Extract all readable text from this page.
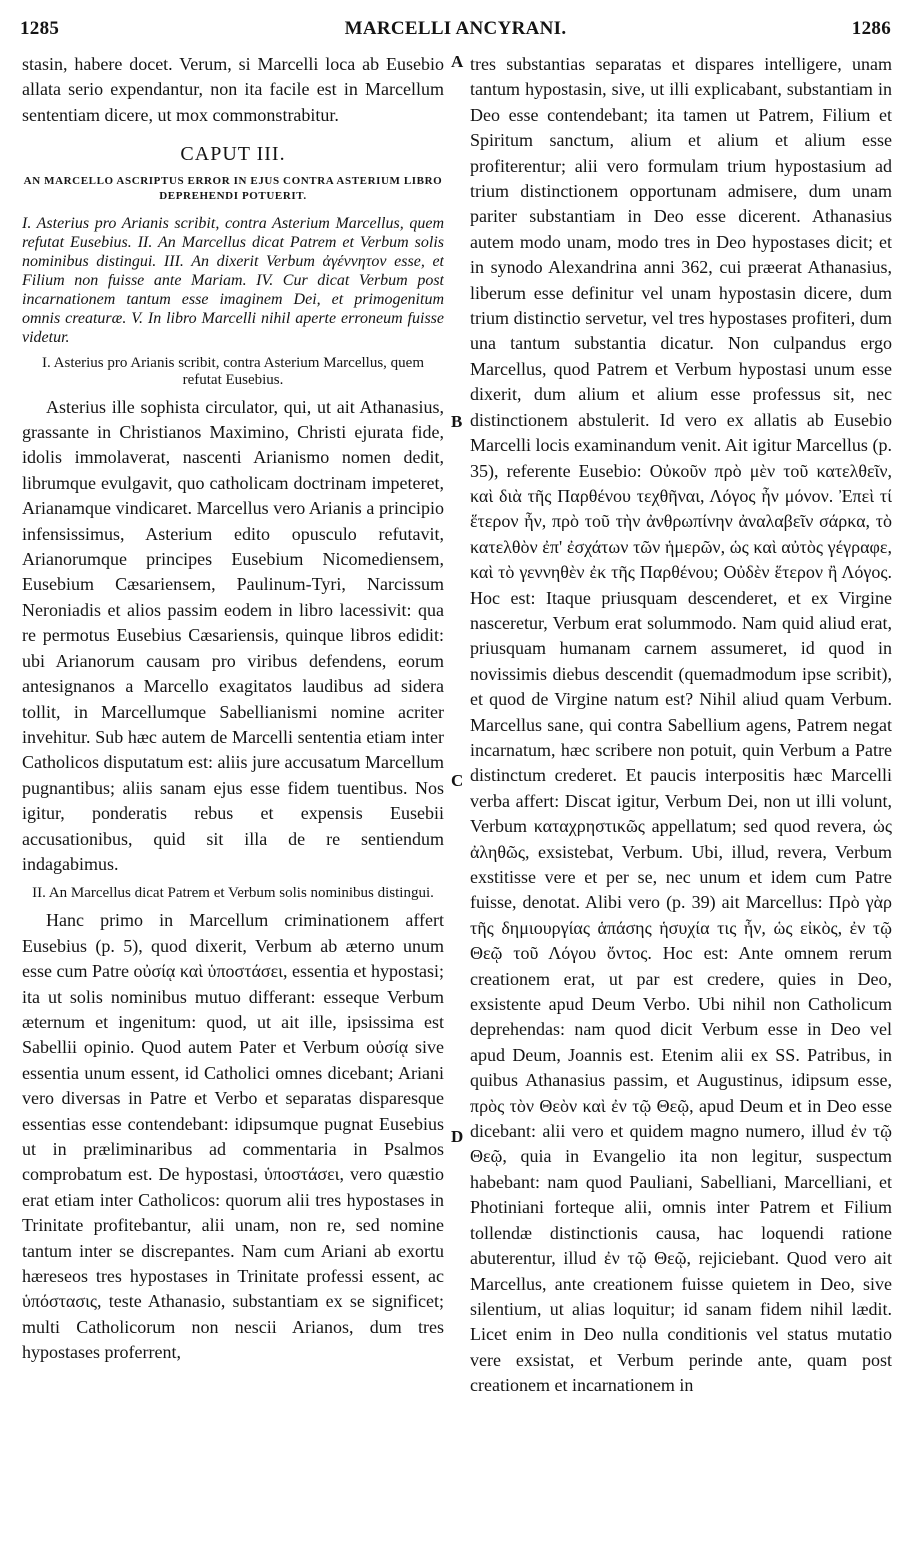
1285	MARCELLI ANCYRANI.	1286

stasin, habere docet. Verum, si Marcelli loca ab Eusebio allata serio expendantur, non ita facile est in Marcellum sententiam dicere, ut mox commonstrabitur.

CAPUT III.
AN MARCELLO ASCRIPTUS ERROR IN EJUS CONTRA ASTERIUM LIBRO DEPREHENDI POTUERIT.

I. Asterius pro Arianis scribit, contra Asterium Marcellus, quem refutat Eusebius. II. An Marcellus dicat Patrem et Verbum solis nominibus distingui. III. An dixerit Verbum ἀγέννητον esse, et Filium non fuisse ante Mariam. IV. Cur dicat Verbum post incarnationem tantum esse imaginem Dei, et primogenitum omnis creaturæ. V. In libro Marcelli nihil aperte erroneum fuisse videtur.

I. Asterius pro Arianis scribit, contra Asterium Marcellus, quem refutat Eusebius.

Asterius ille sophista circulator, qui, ut ait Athanasius, grassante in Christianos Maximino, Christi ejurata fide, idolis immolaverat, nascenti Arianismo nomen dedit, librumque evulgavit, quo catholicam doctrinam impeteret, Arianamque vindicaret. Marcellus vero Arianis a principio infensissimus, Asterium edito opusculo refutavit, Arianorumque principes Eusebium Nicomediensem, Eusebium Cæsariensem, Paulinum-Tyri, Narcissum Neroniadis et alios passim eodem in libro lacessivit: qua re permotus Eusebius Cæsariensis, quinque libros edidit: ubi Arianorum causam pro viribus defendens, eorum antesignanos a Marcello exagitatos laudibus ad sidera tollit, in Marcellumque Sabellianismi nomine acriter invehitur. Sub hæc autem de Marcelli sententia etiam inter Catholicos disputatum est: aliis jure accusatum Marcellum pugnantibus; aliis sanam ejus esse fidem tuentibus. Nos igitur, ponderatis rebus et expensis Eusebii accusationibus, quid sit illa de re sentiendum indagabimus.

II. An Marcellus dicat Patrem et Verbum solis nominibus distingui.

Hanc primo in Marcellum criminationem affert Eusebius (p. 5), quod dixerit, Verbum ab æterno unum esse cum Patre οὐσίᾳ καὶ ὑποστάσει, essentia et hypostasi; ita ut solis nominibus mutuo differant: esseque Verbum æternum et ingenitum: quod, ut ait ille, ipsissima est Sabellii opinio. Quod autem Pater et Verbum οὐσίᾳ sive essentia unum essent, id Catholici omnes dicebant; Ariani vero diversas in Patre et Verbo et separatas disparesque essentias esse contendebant: idipsumque pugnat Eusebius ut in præliminaribus ad commentaria in Psalmos comprobatum est. De hypostasi, ὑποστάσει, vero quæstio erat etiam inter Catholicos: quorum alii tres hypostases in Trinitate profitebantur, alii unam, non re, sed nomine tantum inter se discrepantes. Nam cum Ariani ab exortu hæreseos tres hypostases in Trinitate professi essent, ac ὑπόστασις, teste Athanasio, substantiam ex se significet; multi Catholicorum non nescii Arianos, dum tres hypostases proferrent,

tres substantias separatas et dispares intelligere, unam tantum hypostasin, sive, ut illi explicabant, substantiam in Deo esse contendebant; ita tamen ut Patrem, Filium et Spiritum sanctum, alium et alium et alium esse profiterentur; alii vero formulam trium hypostasium ad trium distinctionem opportunam admisere, dum unam pariter substantiam in Deo esse dicerent. Athanasius autem modo unam, modo tres in Deo hypostases dicit; et in synodo Alexandrina anni 362, cui præerat Athanasius, liberum esse definitur vel unam hypostasin dicere, dum trium distinctio servetur, vel tres hypostases profiteri, dum una tantum substantia dicatur. Non culpandus ergo Marcellus, quod Patrem et Verbum hypostasi unum esse dixerit, dum alium et alium esse professus sit, nec distinctionem abstulerit. Id vero ex allatis ab Eusebio Marcelli locis examinandum venit. Ait igitur Marcellus (p. 35), referente Eusebio: Οὐκοῦν πρὸ μὲν τοῦ κατελθεῖν, καὶ διὰ τῆς Παρθένου τεχθῆναι, Λόγος ἦν μόνον. Ἐπεὶ τί ἕτερον ἦν, πρὸ τοῦ τὴν ἀνθρωπίνην ἀναλαβεῖν σάρκα, τὸ κατελθὸν ἐπ' ἐσχάτων τῶν ἡμερῶν, ὡς καὶ αὐτὸς γέγραφε, καὶ τὸ γεννηθὲν ἐκ τῆς Παρθένου; Οὐδὲν ἕτερον ἢ Λόγος. Hoc est: Itaque priusquam descenderet, et ex Virgine nasceretur, Verbum erat solummodo. Nam quid aliud erat, priusquam humanam carnem assumeret, id quod in novissimis diebus descendit (quemadmodum ipse scribit), et quod de Virgine natum est? Nihil aliud quam Verbum. Marcellus sane, qui contra Sabellium agens, Patrem negat incarnatum, hæc scribere non potuit, quin Verbum a Patre distinctum crederet. Et paucis interpositis hæc Marcelli verba affert: Discat igitur, Verbum Dei, non ut illi volunt, Verbum καταχρηστικῶς appellatum; sed quod revera, ὡς ἀληθῶς, exsistebat, Verbum. Ubi, illud, revera, Verbum exstitisse vere et per se, nec unum et idem cum Patre fuisse, denotat. Alibi vero (p. 39) ait Marcellus: Πρὸ γὰρ τῆς δημιουργίας ἁπάσης ἡσυχία τις ἦν, ὡς εἰκὸς, ἐν τῷ Θεῷ τοῦ Λόγου ὄντος. Hoc est: Ante omnem rerum creationem erat, ut par est credere, quies in Deo, exsistente apud Deum Verbo. Ubi nihil non Catholicum deprehendas: nam quod dicit Verbum esse in Deo vel apud Deum, Joannis est. Etenim alii ex SS. Patribus, in quibus Athanasius passim, et Augustinus, idipsum esse, πρὸς τὸν Θεὸν καὶ ἐν τῷ Θεῷ, apud Deum et in Deo esse dicebant: alii vero et quidem magno numero, illud ἐν τῷ Θεῷ, quia in Evangelio ita non legitur, suspectum habebant: nam quod Pauliani, Sabelliani, Marcelliani, et Photiniani forteque alii, omnis inter Patrem et Filium tollendæ distinctionis causa, hac loquendi ratione abuterentur, illud ἐν τῷ Θεῷ, rejiciebant. Quod vero ait Marcellus, ante creationem fuisse quietem in Deo, sive silentium, ut alias loquitur; id sanam fidem nihil lædit. Licet enim in Deo nulla conditionis vel status mutatio vere exsistat, et Verbum perinde ante, quam post creationem et incarnationem in

A
B
C
D
